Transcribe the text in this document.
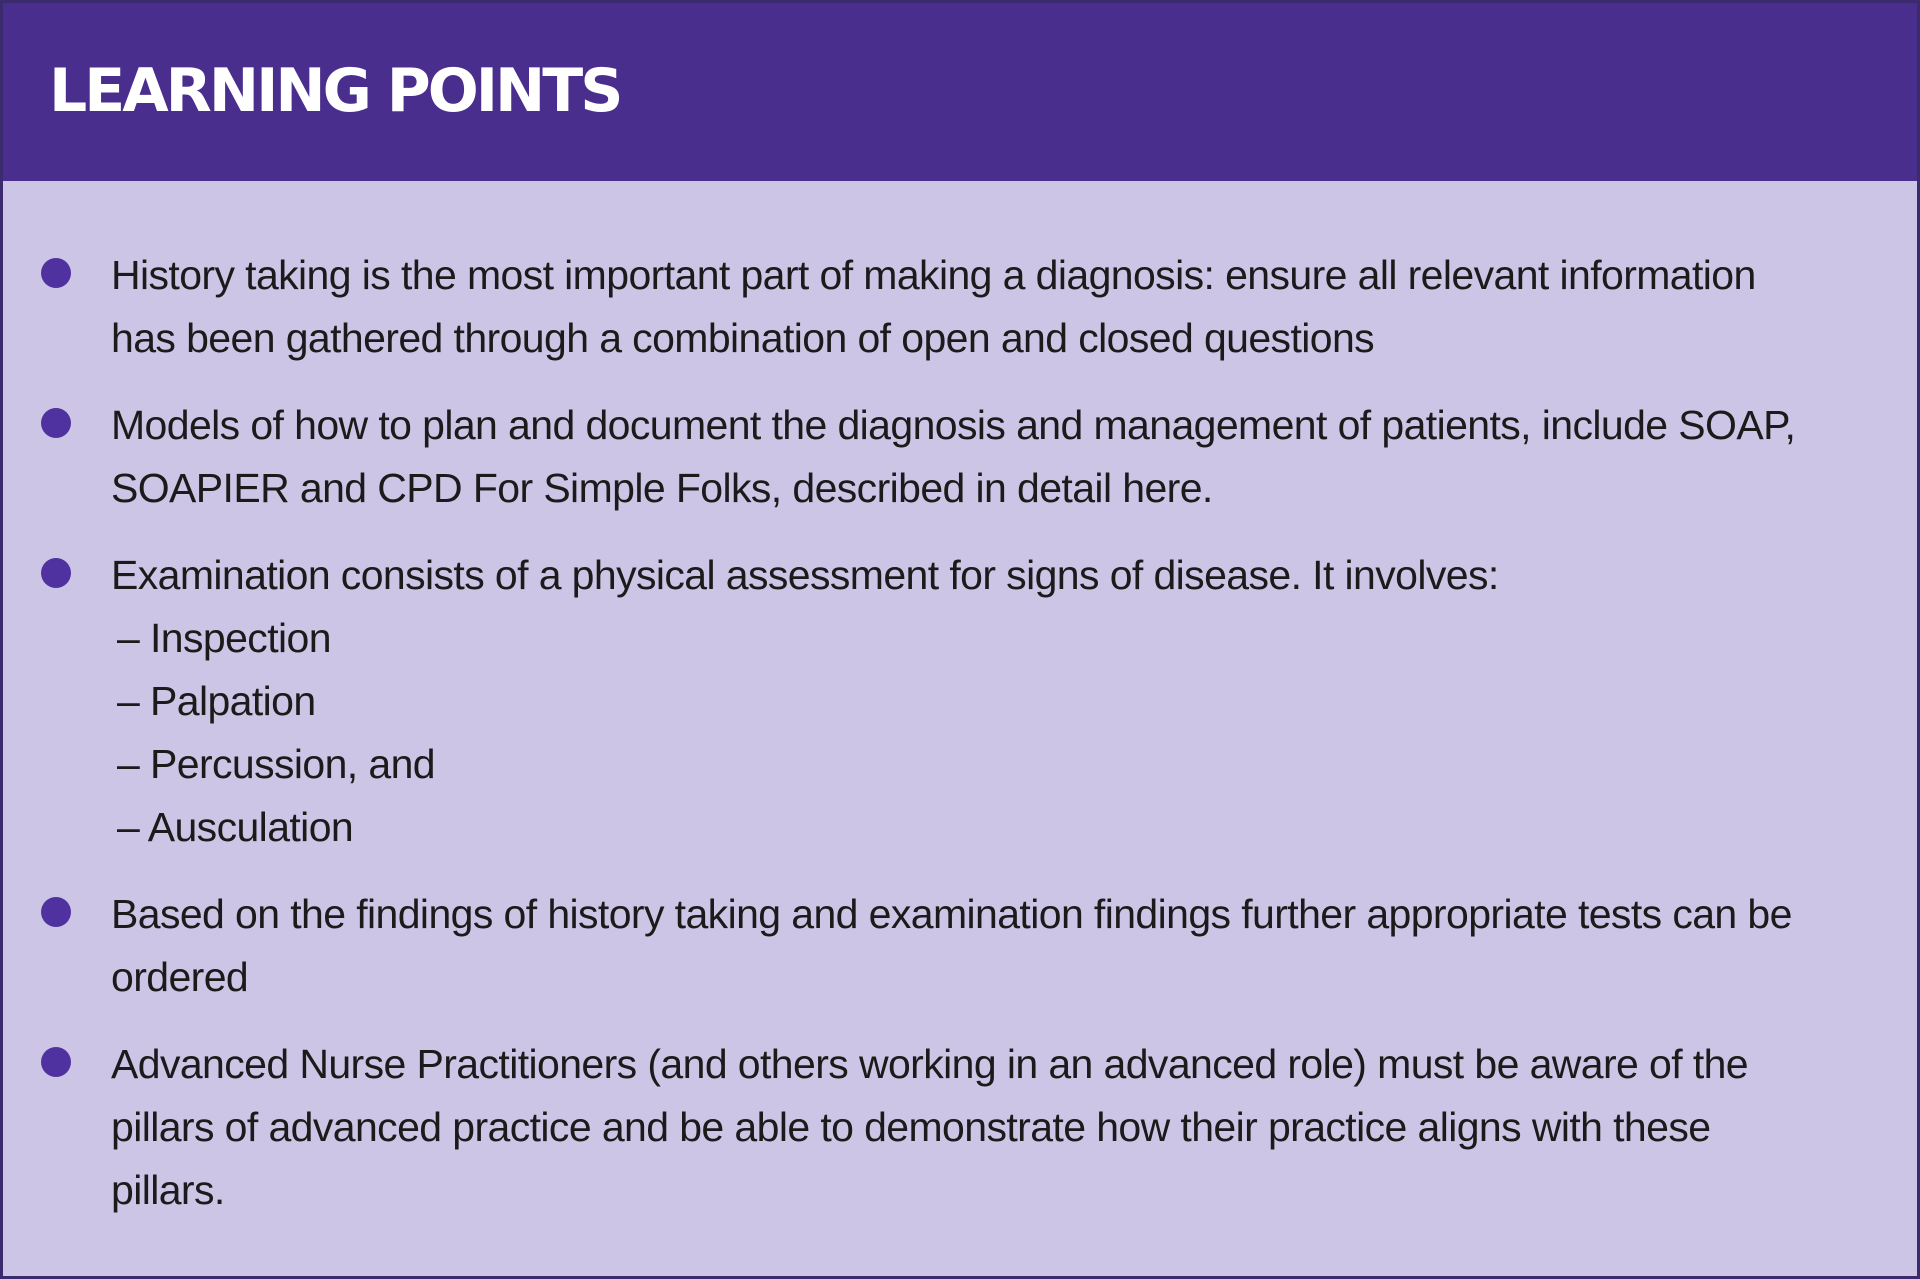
LEARNING POINTS
History taking is the most important part of making a diagnosis: ensure all relevant information has been gathered through a combination of open and closed questions
Models of how to plan and document the diagnosis and management of patients, include SOAP, SOAPIER and CPD For Simple Folks, described in detail here.
Examination consists of a physical assessment for signs of disease. It involves:
– Inspection
– Palpation
– Percussion, and
– Ausculation
Based on the findings of history taking and examination findings further appropriate tests can be ordered
Advanced Nurse Practitioners (and others working in an advanced role) must be aware of the pillars of advanced practice and be able to demonstrate how their practice aligns with these pillars.
